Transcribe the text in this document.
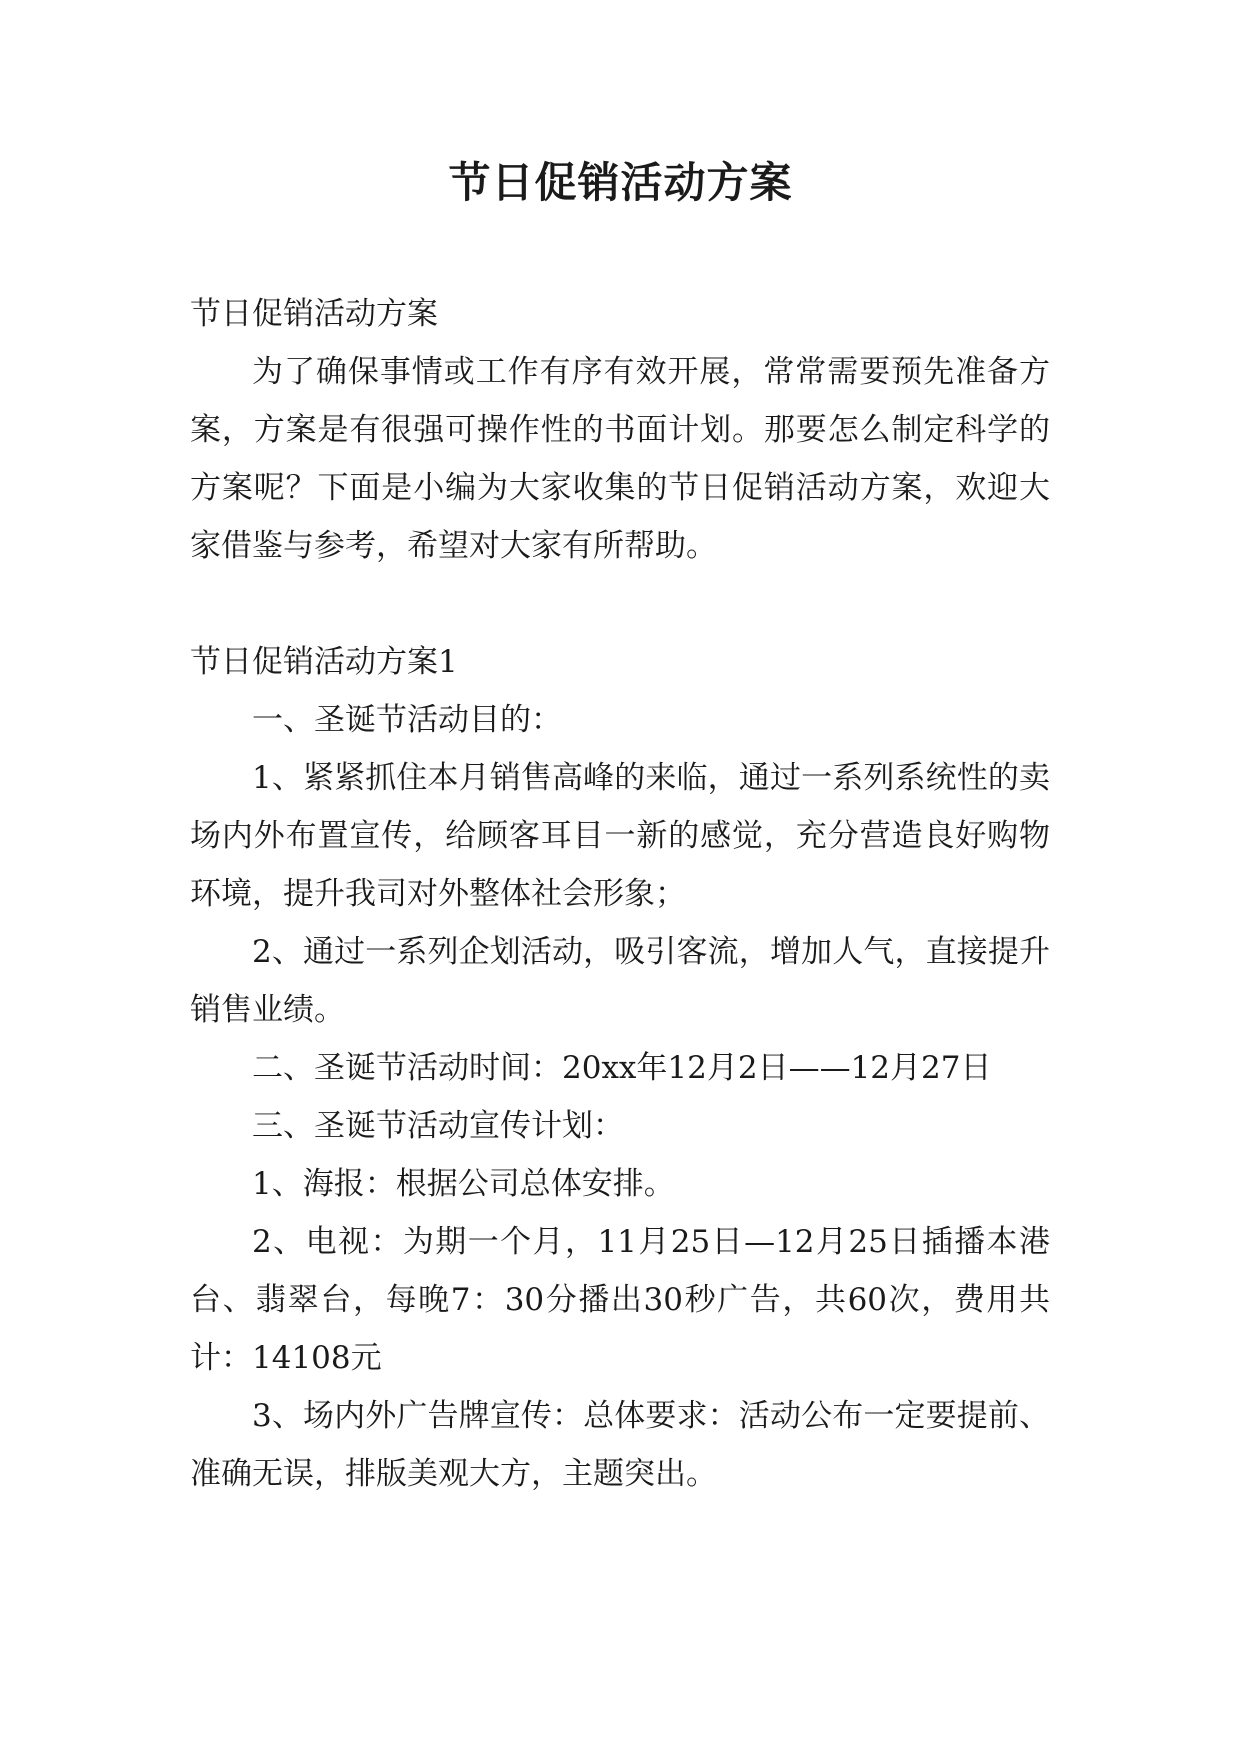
节日促销活动方案

节日促销活动方案

为了确保事情或工作有序有效开展，常常需要预先准备方案，方案是有很强可操作性的书面计划。那要怎么制定科学的方案呢？下面是小编为大家收集的节日促销活动方案，欢迎大家借鉴与参考，希望对大家有所帮助。

节日促销活动方案1

一、圣诞节活动目的：

1、紧紧抓住本月销售高峰的来临，通过一系列系统性的卖场内外布置宣传，给顾客耳目一新的感觉，充分营造良好购物环境，提升我司对外整体社会形象；

2、通过一系列企划活动，吸引客流，增加人气，直接提升销售业绩。

二、圣诞节活动时间：20xx年12月2日——12月27日

三、圣诞节活动宣传计划：

1、海报：根据公司总体安排。

2、电视：为期一个月，11月25日—12月25日插播本港台、翡翠台，每晚7：30分播出30秒广告，共60次，费用共计：14108元

3、场内外广告牌宣传：总体要求：活动公布一定要提前、准确无误，排版美观大方，主题突出。
